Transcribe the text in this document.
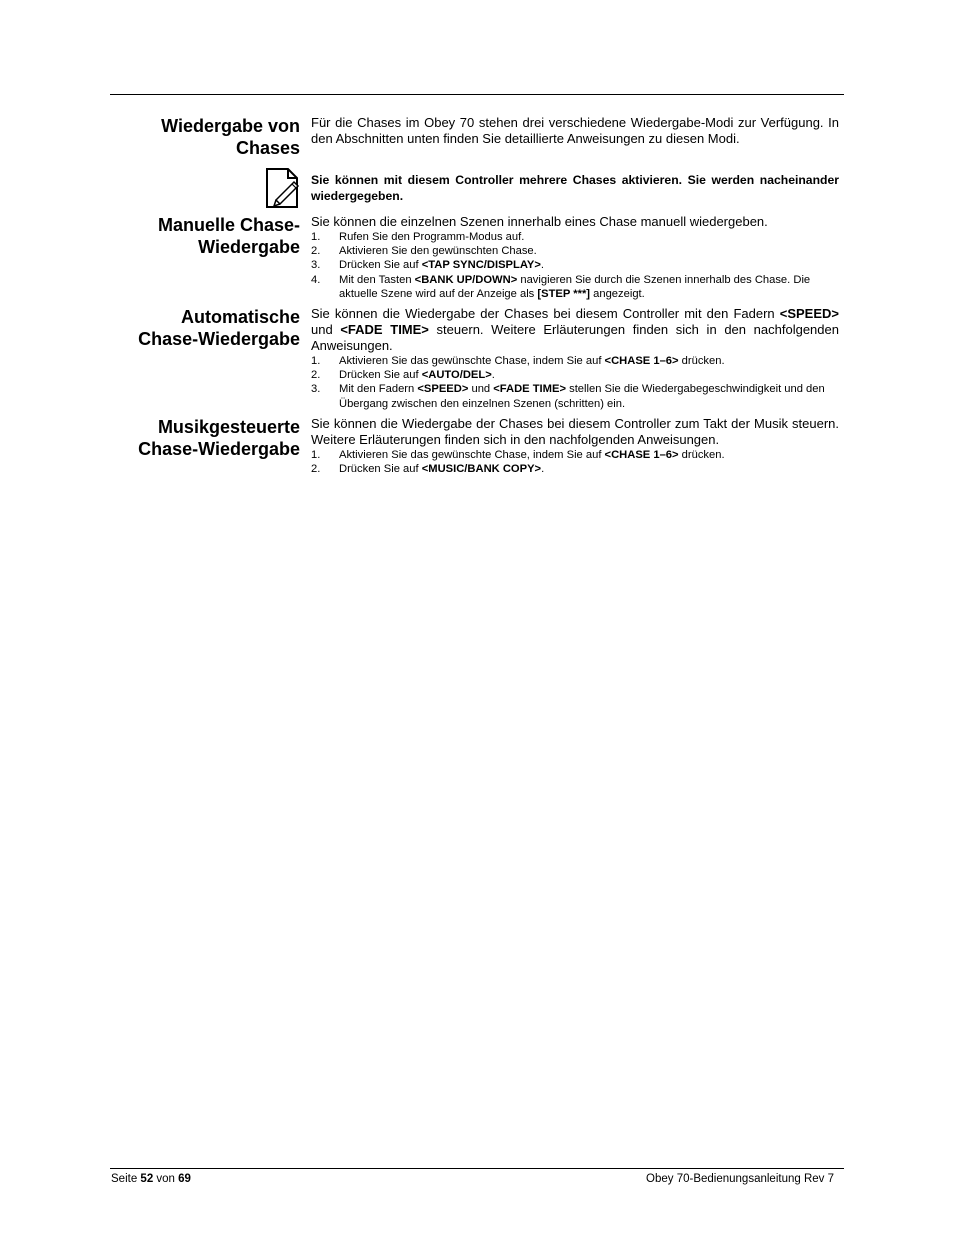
Wiedergabe von
Chases

Für die Chases im Obey 70 stehen drei verschiedene Wiedergabe-Modi zur Verfügung. In den Abschnitten unten finden Sie detaillierte Anweisungen zu diesen Modi.

Sie können mit diesem Controller mehrere Chases aktivieren. Sie werden nacheinander wiedergegeben.

Manuelle Chase-
Wiedergabe

Sie können die einzelnen Szenen innerhalb eines Chase manuell wiedergeben.

1. Rufen Sie den Programm-Modus auf.
2. Aktivieren Sie den gewünschten Chase.
3. Drücken Sie auf <TAP SYNC/DISPLAY>.
4. Mit den Tasten <BANK UP/DOWN> navigieren Sie durch die Szenen innerhalb des Chase. Die aktuelle Szene wird auf der Anzeige als [STEP ***] angezeigt.
Automatische
Chase-Wiedergabe

Sie können die Wiedergabe der Chases bei diesem Controller mit den Fadern <SPEED> und <FADE TIME> steuern. Weitere Erläuterungen finden sich in den nachfolgenden Anweisungen.

1. Aktivieren Sie das gewünschte Chase, indem Sie auf <CHASE 1–6> drücken.
2. Drücken Sie auf <AUTO/DEL>.
3. Mit den Fadern <SPEED> und <FADE TIME> stellen Sie die Wiedergabegeschwindigkeit und den Übergang zwischen den einzelnen Szenen (schritten) ein.
Musikgesteuerte
Chase-Wiedergabe

Sie können die Wiedergabe der Chases bei diesem Controller zum Takt der Musik steuern. Weitere Erläuterungen finden sich in den nachfolgenden Anweisungen.

1. Aktivieren Sie das gewünschte Chase, indem Sie auf <CHASE 1–6> drücken.
2. Drücken Sie auf <MUSIC/BANK COPY>.
Seite 52 von 69	Obey 70-Bedienungsanleitung Rev 7
